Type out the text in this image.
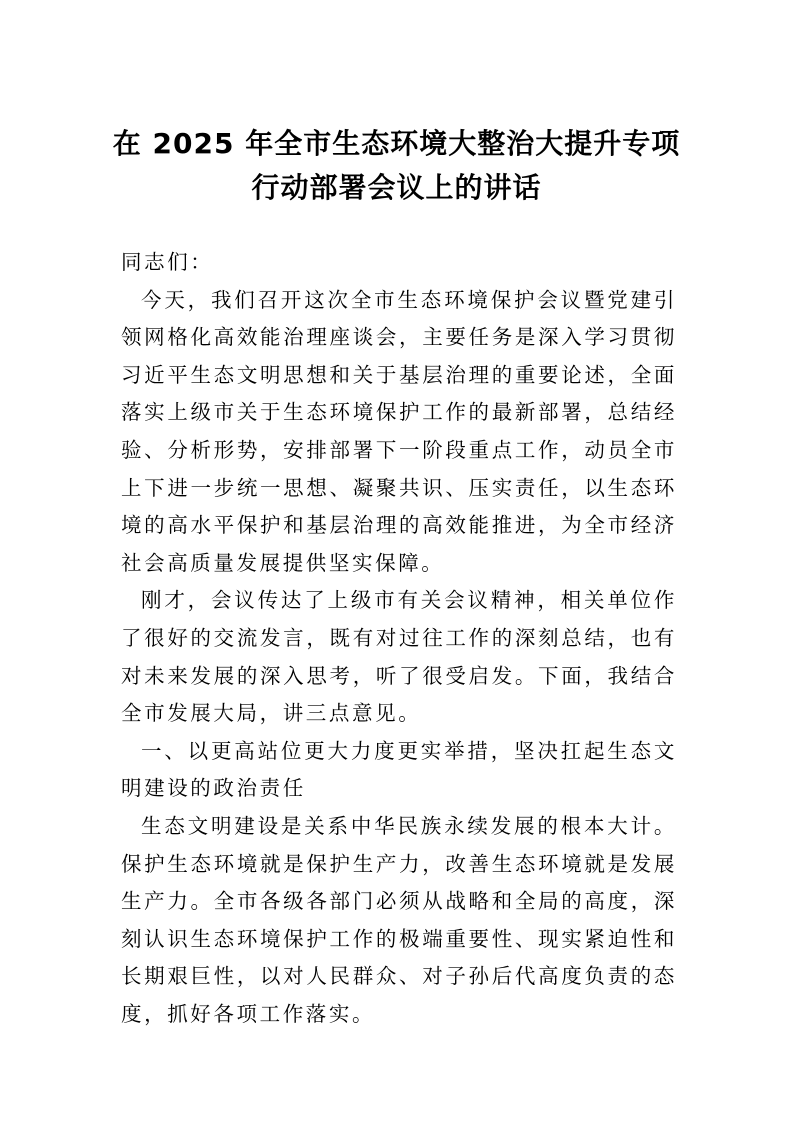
在 2025 年全市生态环境大整治大提升专项
行动部署会议上的讲话

同志们：

今天，我们召开这次全市生态环境保护会议暨党建引领网格化高效能治理座谈会，主要任务是深入学习贯彻习近平生态文明思想和关于基层治理的重要论述，全面落实上级市关于生态环境保护工作的最新部署，总结经验、分析形势，安排部署下一阶段重点工作，动员全市上下进一步统一思想、凝聚共识、压实责任，以生态环境的高水平保护和基层治理的高效能推进，为全市经济社会高质量发展提供坚实保障。

刚才，会议传达了上级市有关会议精神，相关单位作了很好的交流发言，既有对过往工作的深刻总结，也有对未来发展的深入思考，听了很受启发。下面，我结合全市发展大局，讲三点意见。

一、以更高站位更大力度更实举措，坚决扛起生态文明建设的政治责任

生态文明建设是关系中华民族永续发展的根本大计。保护生态环境就是保护生产力，改善生态环境就是发展生产力。全市各级各部门必须从战略和全局的高度，深刻认识生态环境保护工作的极端重要性、现实紧迫性和长期艰巨性，以对人民群众、对子孙后代高度负责的态度，抓好各项工作落实。
